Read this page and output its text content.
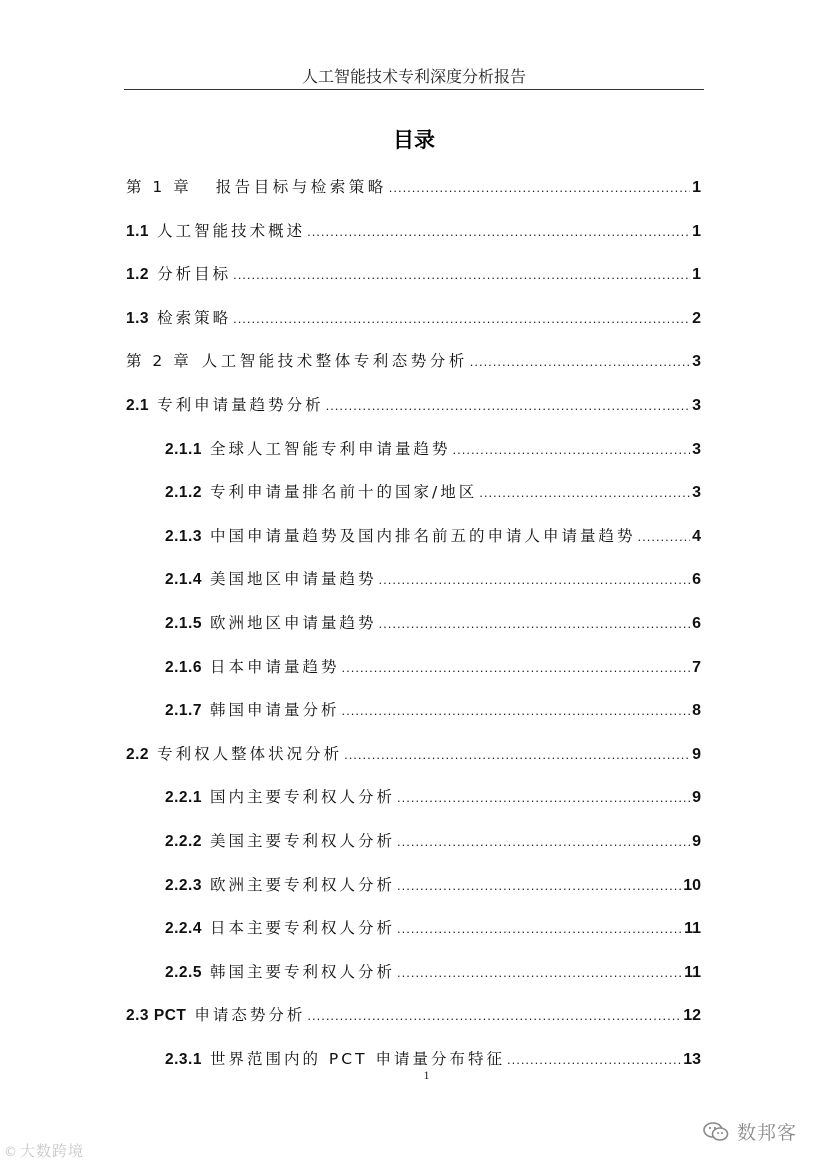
人工智能技术专利深度分析报告
目录
第 1 章 报告目标与检索策略 .....	1
1.1 人工智能技术概述 .....	1
1.2 分析目标 .....	1
1.3 检索策略 .....	2
第 2 章 人工智能技术整体专利态势分析 .....	3
2.1 专利申请量趋势分析 .....	3
2.1.1 全球人工智能专利申请量趋势 .....	3
2.1.2 专利申请量排名前十的国家/地区 .....	3
2.1.3 中国申请量趋势及国内排名前五的申请人申请量趋势 .....	4
2.1.4 美国地区申请量趋势 .....	6
2.1.5 欧洲地区申请量趋势 .....	6
2.1.6 日本申请量趋势 .....	7
2.1.7 韩国申请量分析 .....	8
2.2 专利权人整体状况分析 .....	9
2.2.1 国内主要专利权人分析 .....	9
2.2.2 美国主要专利权人分析 .....	9
2.2.3 欧洲主要专利权人分析 .....	10
2.2.4 日本主要专利权人分析 .....	11
2.2.5 韩国主要专利权人分析 .....	11
2.3 PCT 申请态势分析 .....	12
2.3.1 世界范围内的 PCT 申请量分布特征 .....	13
1
© 大数跨境
数邦客
